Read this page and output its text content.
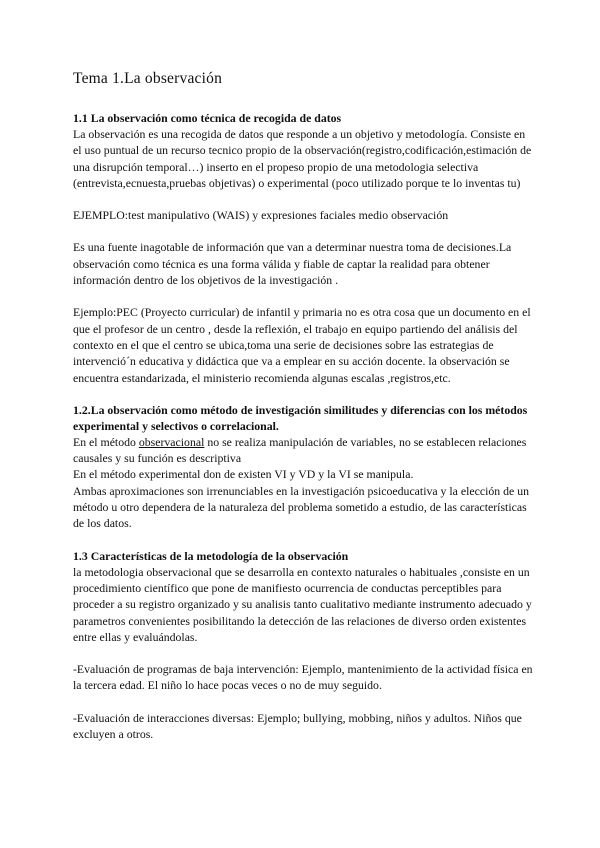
Tema 1.La observación

1.1 La observación como técnica de recogida de datos

La observación es una recogida de datos que responde a un objetivo y metodología. Consiste en el uso puntual de un recurso tecnico propio de la observación(registro,codificación,estimación de una disrupción temporal…) inserto en el propeso propio de una metodologia selectiva (entrevista,ecnuesta,pruebas objetivas) o experimental (poco utilizado porque te lo inventas tu)

EJEMPLO:test manipulativo (WAIS) y expresiones faciales medio observación

Es una fuente inagotable de información que van a determinar nuestra toma de decisiones.La observación como técnica es una forma válida y fiable de captar la realidad para obtener información dentro de los objetivos de la investigación .

Ejemplo:PEC (Proyecto curricular) de infantil y primaria no es otra cosa que un documento en el que el profesor de un centro , desde la reflexión, el trabajo en equipo partiendo del análisis del contexto en el que el centro se ubica,toma una serie de decisiones sobre las estrategias de intervenció´n educativa y didáctica que va a emplear en su acción docente. la observación se encuentra estandarizada, el ministerio recomienda algunas escalas ,registros,etc.

1.2.La observación como método de investigación similitudes y diferencias con los métodos experimental y selectivos o correlacional.

En el método observacional no se realiza manipulación de variables, no se establecen relaciones causales y su función es descriptiva

En el método experimental don de existen VI y VD y la VI se manipula.

Ambas aproximaciones son irrenunciables en la investigación psicoeducativa y la elección de un método u otro dependera de la naturaleza del problema sometido a estudio, de las características de los datos.

1.3 Características de la metodología de la observación

la metodologia observacional que se desarrolla en contexto naturales o habituales ,consiste en un procedimiento científico que pone de manifiesto ocurrencia de conductas perceptibles para proceder a su registro organizado y su analisis tanto cualitativo mediante instrumento adecuado y parametros convenientes posibilitando la detección de las relaciones de diverso orden existentes entre ellas y evaluándolas.

-Evaluación de programas de baja intervención: Ejemplo, mantenimiento de la actividad física en la tercera edad. El niño lo hace pocas veces o no de muy seguido.

-Evaluación de interacciones diversas: Ejemplo; bullying, mobbing, niños y adultos. Niños que excluyen a otros.
